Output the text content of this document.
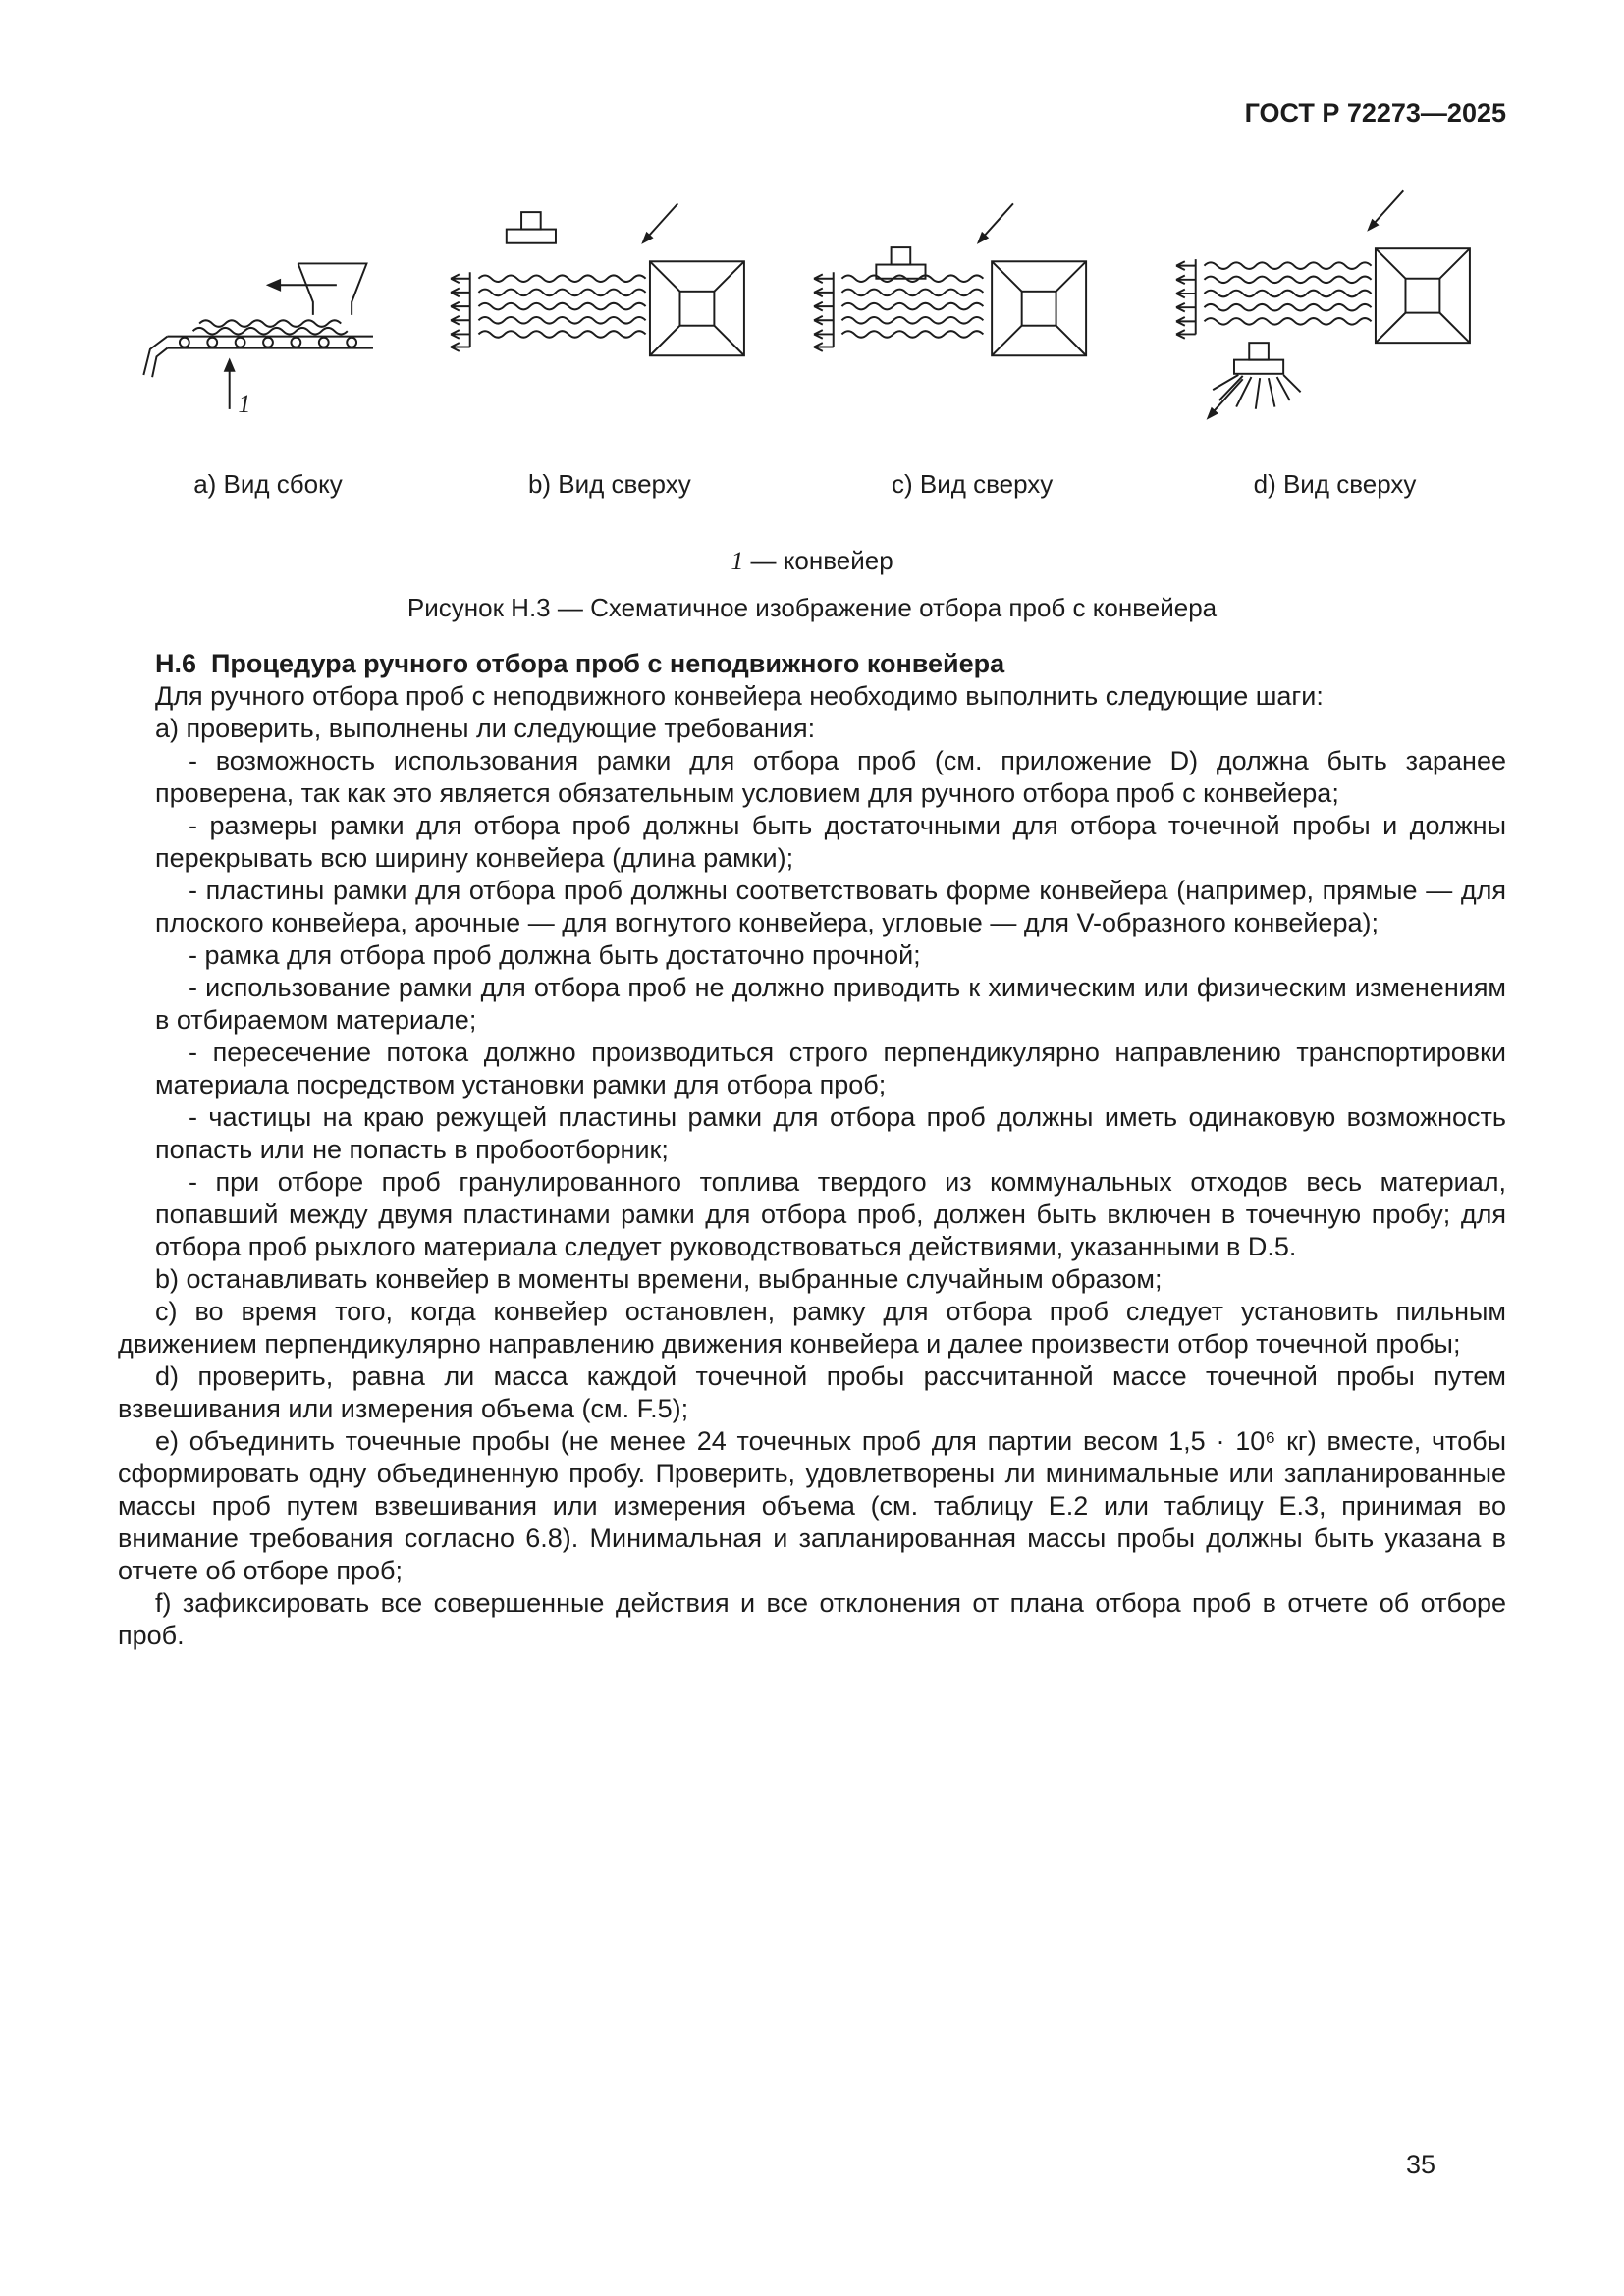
ГОСТ Р 72273—2025
1
a) Вид сбоку	b) Вид сверху	c) Вид сверху	d) Вид сверху
1 — конвейер
Рисунок Н.3 — Схематичное изображение отбора проб с конвейера

Н.6  Процедура ручного отбора проб с неподвижного конвейера

Для ручного отбора проб с неподвижного конвейера необходимо выполнить следующие шаги:

a) проверить, выполнены ли следующие требования:

- возможность использования рамки для отбора проб (см. приложение D) должна быть заранее проверена, так как это является обязательным условием для ручного отбора проб с конвейера;

- размеры рамки для отбора проб должны быть достаточными для отбора точечной пробы и должны перекрывать всю ширину конвейера (длина рамки);

- пластины рамки для отбора проб должны соответствовать форме конвейера (например, прямые — для плоского конвейера, арочные — для вогнутого конвейера, угловые — для V-образного конвейера);

- рамка для отбора проб должна быть достаточно прочной;

- использование рамки для отбора проб не должно приводить к химическим или физическим изменениям в отбираемом материале;

- пересечение потока должно производиться строго перпендикулярно направлению транспортировки материала посредством установки рамки для отбора проб;

- частицы на краю режущей пластины рамки для отбора проб должны иметь одинаковую возможность попасть или не попасть в пробоотборник;

- при отборе проб гранулированного топлива твердого из коммунальных отходов весь материал, попавший между двумя пластинами рамки для отбора проб, должен быть включен в точечную пробу; для отбора проб рыхлого материала следует руководствоваться действиями, указанными в D.5.

b) останавливать конвейер в моменты времени, выбранные случайным образом;

c) во время того, когда конвейер остановлен, рамку для отбора проб следует установить пильным движением перпендикулярно направлению движения конвейера и далее произвести отбор точечной пробы;

d) проверить, равна ли масса каждой точечной пробы рассчитанной массе точечной пробы путем взвешивания или измерения объема (см. F.5);

e) объединить точечные пробы (не менее 24 точечных проб для партии весом 1,5 · 10⁶ кг) вместе, чтобы сформировать одну объединенную пробу. Проверить, удовлетворены ли минимальные или запланированные массы проб путем взвешивания или измерения объема (см. таблицу Е.2 или таблицу Е.3, принимая во внимание требования согласно 6.8). Минимальная и запланированная массы пробы должны быть указана в отчете об отборе проб;

f) зафиксировать все совершенные действия и все отклонения от плана отбора проб в отчете об отборе проб.

35
